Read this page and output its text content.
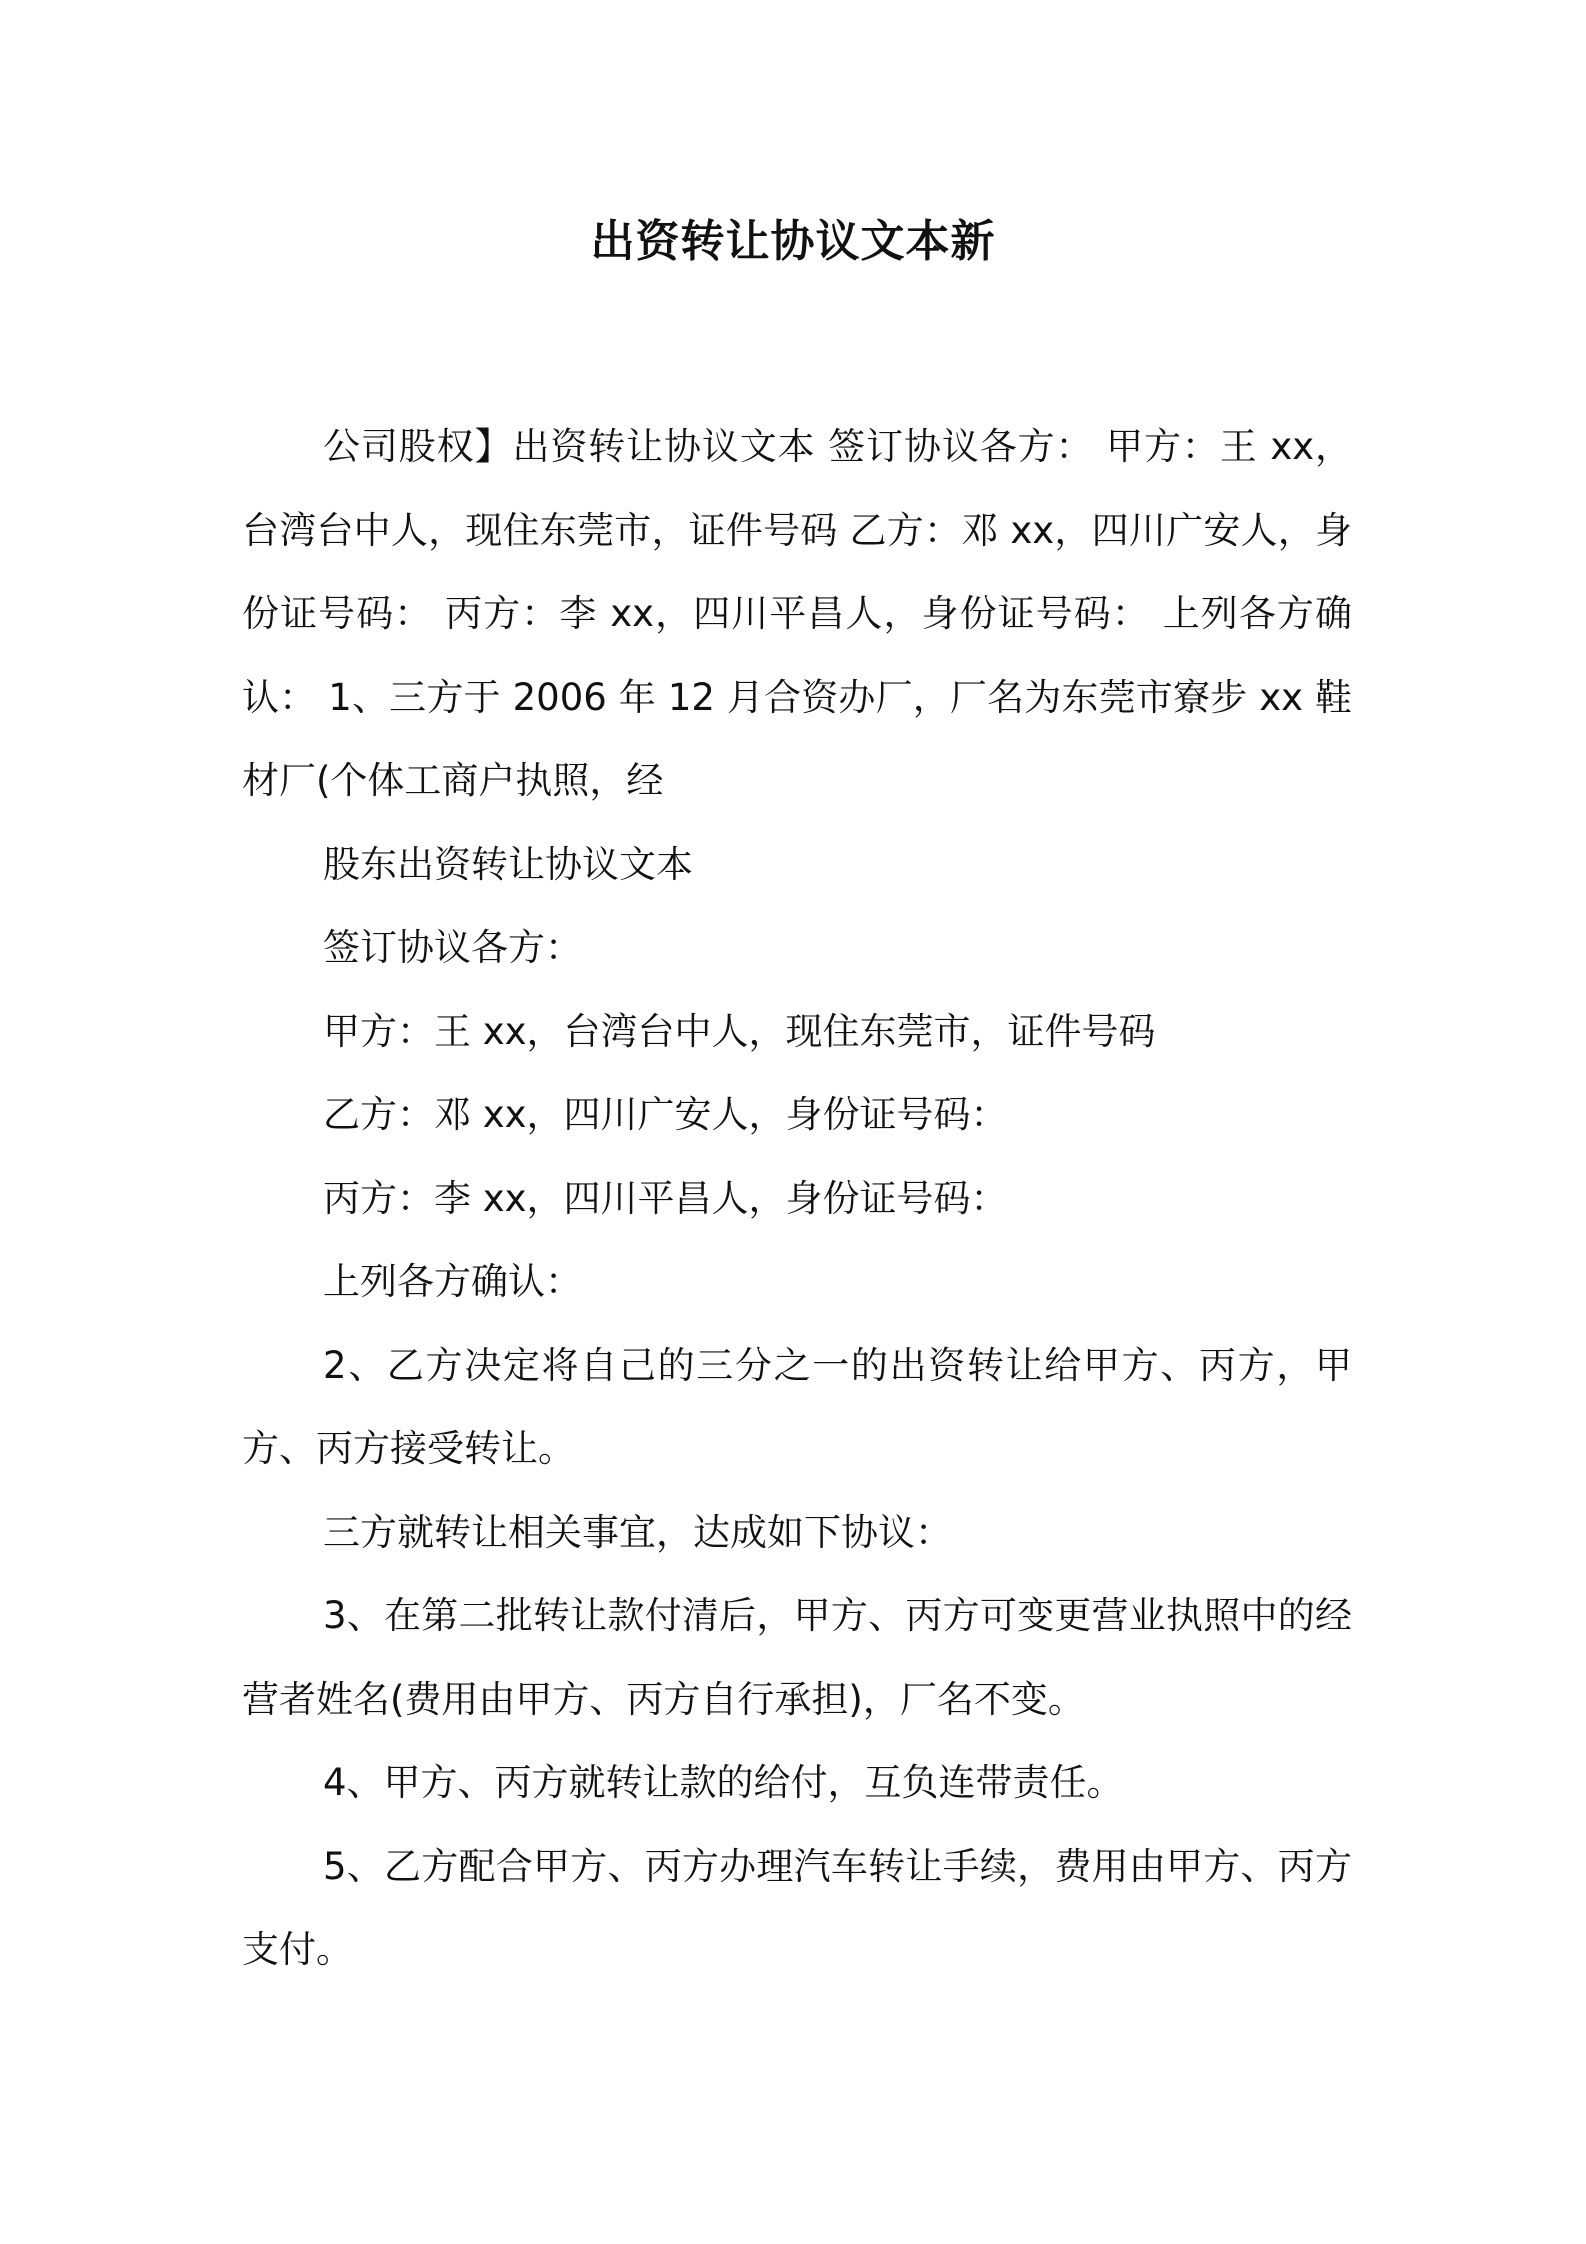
出资转让协议文本新

公司股权】出资转让协议文本 签订协议各方： 甲方：王 xx，台湾台中人，现住东莞市，证件号码 乙方：邓 xx，四川广安人，身份证号码： 丙方：李 xx，四川平昌人，身份证号码： 上列各方确认： 1、三方于 2006 年 12 月合资办厂，厂名为东莞市寮步 xx 鞋材厂(个体工商户执照，经

股东出资转让协议文本

签订协议各方：

甲方：王 xx，台湾台中人，现住东莞市，证件号码

乙方：邓 xx，四川广安人，身份证号码：

丙方：李 xx，四川平昌人，身份证号码：

上列各方确认：

2、乙方决定将自己的三分之一的出资转让给甲方、丙方，甲方、丙方接受转让。

三方就转让相关事宜，达成如下协议：

3、在第二批转让款付清后，甲方、丙方可变更营业执照中的经营者姓名(费用由甲方、丙方自行承担)，厂名不变。

4、甲方、丙方就转让款的给付，互负连带责任。

5、乙方配合甲方、丙方办理汽车转让手续，费用由甲方、丙方支付。
